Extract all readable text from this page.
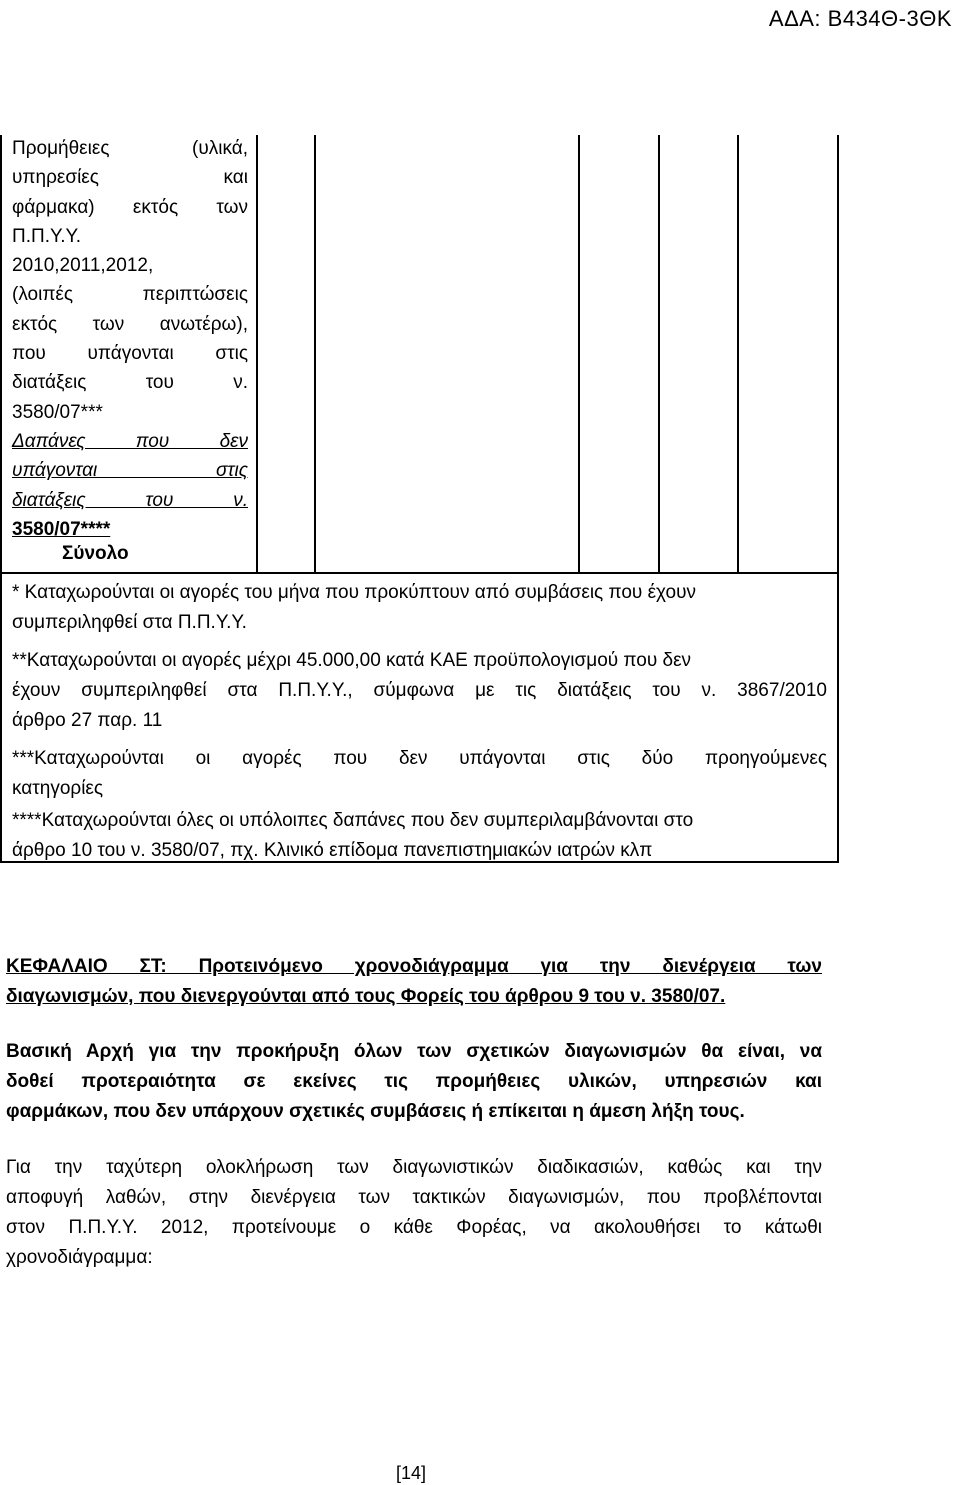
ΑΔΑ: Β434Θ-3ΘΚ
Προμήθειες (υλικά,
υπηρεσίες και
φάρμακα) εκτός των
Π.Π.Υ.Υ.
2010,2011,2012,
(λοιπές περιπτώσεις
εκτός των ανωτέρω),
που υπάγονται στις
διατάξεις του ν.
3580/07***
Δαπάνες που δεν
υπάγονται στις
διατάξεις του ν.
3580/07****
Σύνολο

* Καταχωρούνται οι αγορές του μήνα που προκύπτουν από συμβάσεις που έχουν

συμπεριληφθεί στα Π.Π.Υ.Υ.

**Καταχωρούνται οι αγορές μέχρι 45.000,00 κατά ΚΑΕ προϋπολογισμού που δεν

έχουν συμπεριληφθεί στα Π.Π.Υ.Υ., σύμφωνα με τις διατάξεις του ν. 3867/2010

άρθρο 27 παρ. 11

***Καταχωρούνται οι αγορές που δεν υπάγονται στις δύο προηγούμενες

κατηγορίες

****Καταχωρούνται όλες οι υπόλοιπες δαπάνες που δεν συμπεριλαμβάνονται στο

άρθρο 10 του ν. 3580/07, πχ. Κλινικό επίδομα πανεπιστημιακών ιατρών κλπ

ΚΕΦΑΛΑΙΟ ΣΤ: Προτεινόμενο χρονοδιάγραμμα για την διενέργεια των

διαγωνισμών, που διενεργούνται από τους Φορείς του άρθρου 9 του ν. 3580/07.

Βασική Αρχή για την προκήρυξη όλων των σχετικών διαγωνισμών θα είναι, να

δοθεί προτεραιότητα σε εκείνες τις προμήθειες υλικών, υπηρεσιών και

φαρμάκων, που δεν υπάρχουν σχετικές συμβάσεις ή επίκειται η άμεση λήξη τους.

Για την ταχύτερη ολοκλήρωση των διαγωνιστικών διαδικασιών, καθώς και την

αποφυγή λαθών, στην διενέργεια των τακτικών διαγωνισμών, που προβλέπονται

στον Π.Π.Υ.Υ. 2012, προτείνουμε ο κάθε Φορέας, να ακολουθήσει το κάτωθι

χρονοδιάγραμμα:

[14]
